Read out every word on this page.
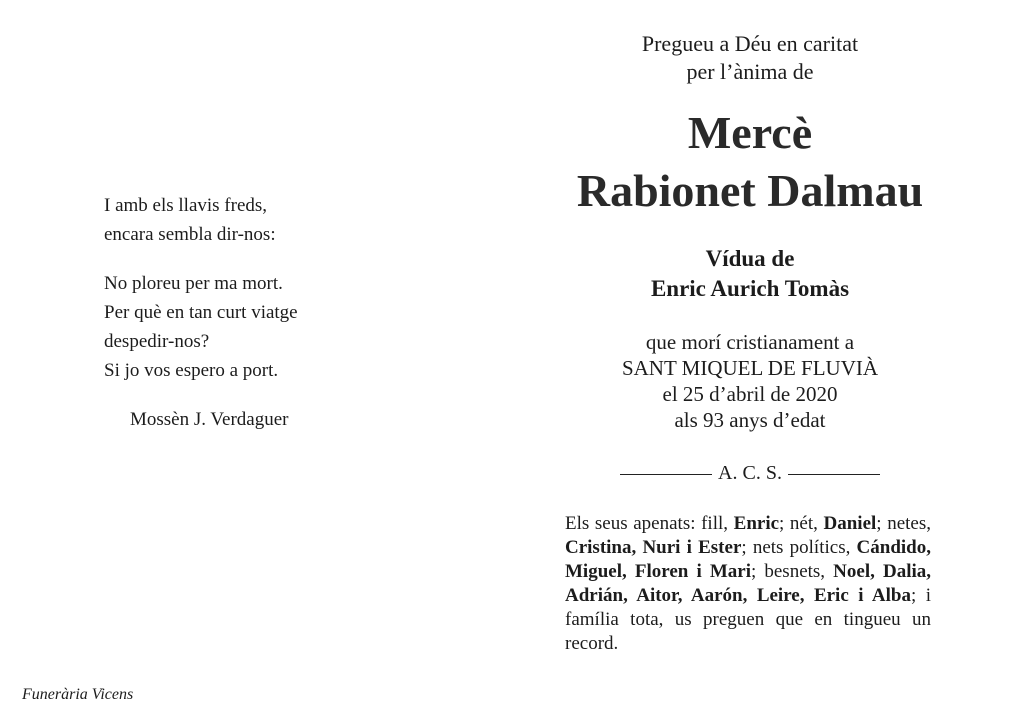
I amb els llavis freds,
encara sembla dir-nos:
No ploreu per ma mort.
Per què en tan curt viatge
despedir-nos?
Si jo vos espero a port.
Mossèn J. Verdaguer
Funerària Vicens
Pregueu a Déu en caritat
per l’ànima de
Mercè
Rabionet Dalmau
Vídua de
Enric Aurich Tomàs
que morí cristianament a
SANT MIQUEL DE FLUVIÀ
el 25 d’abril de 2020
als 93 anys d’edat
A. C. S.
Els seus apenats: fill, Enric; nét, Daniel; netes, Cristina, Nuri i Ester; nets polítics, Cándido, Miguel, Floren i Mari; besnets, Noel, Dalia, Adrián, Aitor, Aarón, Leire, Eric i Alba; i família tota, us preguen que en tingueu un record.
